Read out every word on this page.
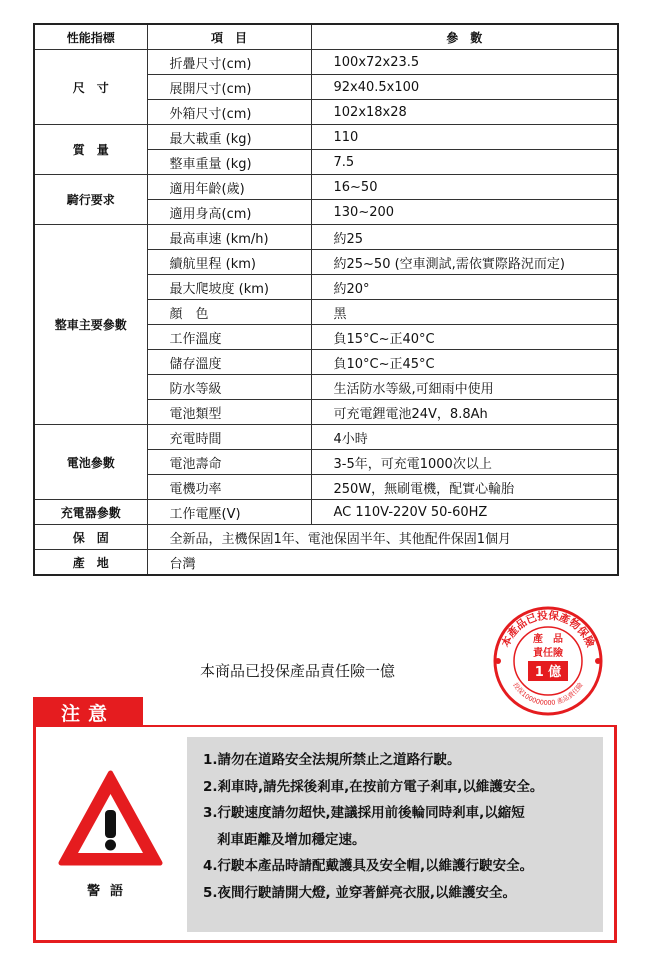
性能指標	項　目	參　數
尺　寸	折疊尺寸(cm)	100x72x23.5
	展開尺寸(cm)	92x40.5x100
	外箱尺寸(cm)	102x18x28
質　量	最大載重 (kg)	110
	整車重量 (kg)	7.5
騎行要求	適用年齡(歲)	16~50
	適用身高(cm)	130~200
整車主要參數	最高車速 (km/h)	約25
	續航里程 (km)	約25~50 (空車測試,需依實際路況而定)
	最大爬坡度 (km)	約20°
	顏　色	黑
	工作溫度	負15°C~正40°C
	儲存溫度	負10°C~正45°C
	防水等級	生活防水等級,可細雨中使用
	電池類型	可充電鋰電池24V，8.8Ah
電池參數	充電時間	4小時
	電池壽命	3-5年，可充電1000次以上
	電機功率	250W，無刷電機，配實心輪胎
充電器參數	工作電壓(V)	AC 110V-220V 50-60HZ
保　固	全新品，主機保固1年、電池保固半年、其他配件保固1個月	
產　地	台灣	
本商品已投保產品責任險一億
本產品已投保產物保險
投保100000000 產品責任險
產　品
責任險
1 億
注意
警語
1.請勿在道路安全法規所禁止之道路行駛。
2.剎車時,請先採後剎車,在按前方電子剎車,以維護安全。
3.行駛速度請勿超快,建議採用前後輪同時剎車,以縮短
剎車距離及增加穩定速。
4.行駛本產品時請配戴護具及安全帽,以維護行駛安全。
5.夜間行駛請開大燈, 並穿著鮮亮衣服,以維護安全。
